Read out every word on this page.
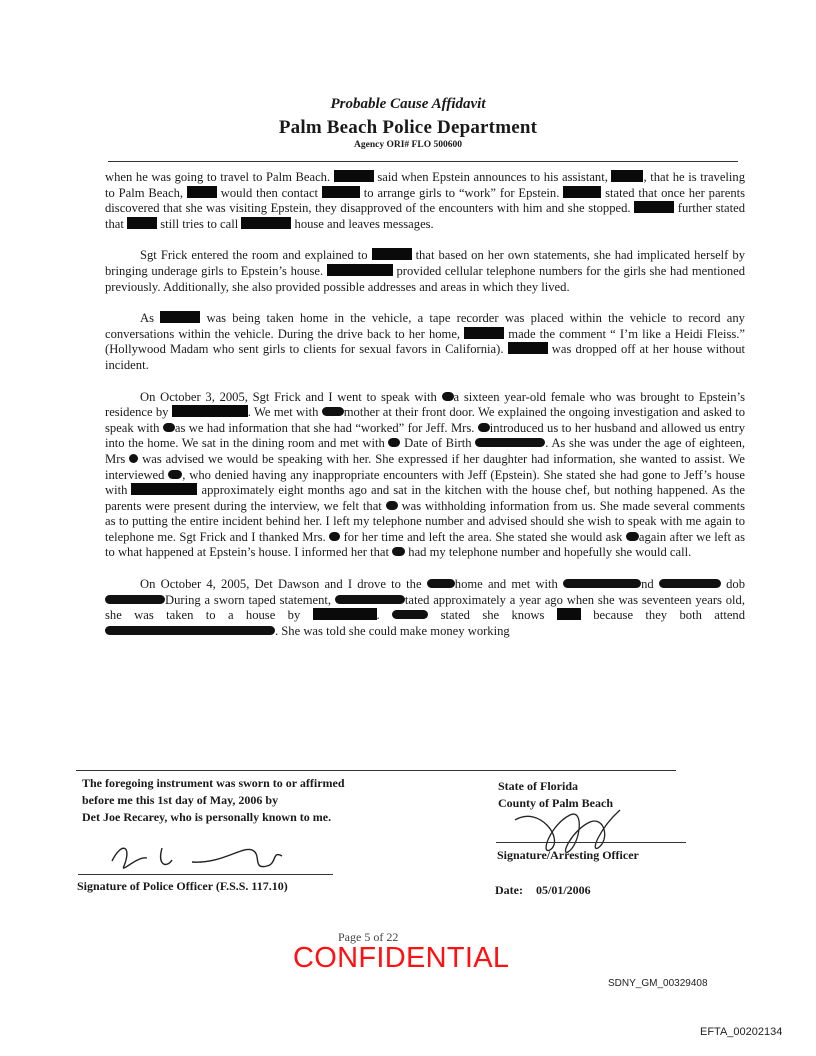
Probable Cause Affidavit
Palm Beach Police Department
Agency ORI# FLO 500600

when he was going to travel to Palm Beach.	said when Epstein announces to his assistant,	, that he is traveling to Palm Beach,	would then contact	to arrange girls to “work” for Epstein.	stated that once her parents discovered that she was visiting Epstein, they disapproved of the encounters with him and she stopped.	further stated that	still tries to call	house and leaves messages.

Sgt Frick entered the room and explained to	that based on her own statements, she had implicated herself by bringing underage girls to Epstein’s house.	provided cellular telephone numbers for the girls she had mentioned previously. Additionally, she also provided possible addresses and areas in which they lived.

As	was being taken home in the vehicle, a tape recorder was placed within the vehicle to record any conversations within the vehicle. During the drive back to her home,	made the comment “ I’m like a Heidi Fleiss.” (Hollywood Madam who sent girls to clients for sexual favors in California).	was dropped off at her house without incident.

On October 3, 2005, Sgt Frick and I went to speak with a sixteen year-old female who was brought to Epstein’s residence by	. We met with mother at their front door. We explained the ongoing investigation and asked to speak with as we had information that she had “worked” for Jeff. Mrs. introduced us to her husband and allowed us entry into the home. We sat in the dining room and met with Date of Birth	. As she was under the age of eighteen, Mrs was advised we would be speaking with her. She expressed if her daughter had information, she wanted to assist. We interviewed , who denied having any inappropriate encounters with Jeff (Epstein). She stated she had gone to Jeff’s house with	approximately eight months ago and sat in the kitchen with the house chef, but nothing happened. As the parents were present during the interview, we felt that was withholding information from us. She made several comments as to putting the entire incident behind her. I left my telephone number and advised should she wish to speak with me again to telephone me. Sgt Frick and I thanked Mrs. for her time and left the area. She stated she would ask again after we left as to what happened at Epstein’s house. I informed her that had my telephone number and hopefully she would call.

On October 4, 2005, Det Dawson and I drove to the	home and met with	nd	dob During a sworn taped statement,	tated approximately a year ago when she was seventeen years old, she was taken to a house by	.	stated she knows	because they both attend . She was told she could make money working

The foregoing instrument was sworn to or affirmed
before me this 1st day of May, 2006 by
Det Joe Recarey, who is personally known to me.
State of Florida
County of Palm Beach
Signature/Arresting Officer
Signature of Police Officer (F.S.S. 117.10)	Date: 05/01/2006
Page 5 of 22
CONFIDENTIAL
SDNY_GM_00329408
EFTA_00202134
